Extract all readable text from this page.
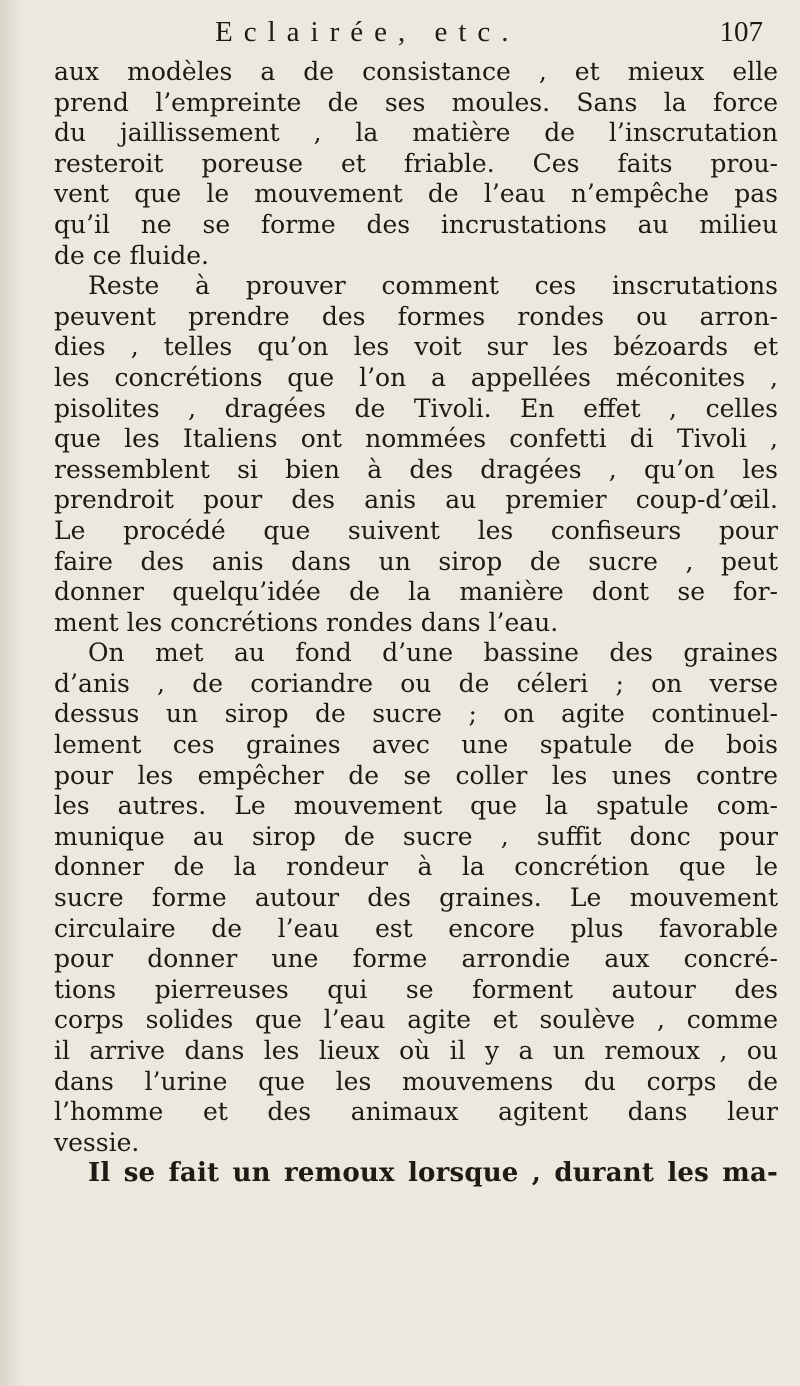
Eclairée, etc.	107
aux modèles a de consistance , et mieux elle
prend l’empreinte de ses moules. Sans la force
du jaillissement , la matière de l’inscrutation
resteroit poreuse et friable. Ces faits prou-
vent que le mouvement de l’eau n’empêche pas
qu’il ne se forme des incrustations au milieu
de ce fluide.
Reste à prouver comment ces inscrutations
peuvent prendre des formes rondes ou arron-
dies , telles qu’on les voit sur les bézoards et
les concrétions que l’on a appellées méconites ,
pisolites , dragées de Tivoli. En effet , celles
que les Italiens ont nommées confetti di Tivoli ,
ressemblent si bien à des dragées , qu’on les
prendroit pour des anis au premier coup-d’œil.
Le procédé que suivent les confiseurs pour
faire des anis dans un sirop de sucre , peut
donner quelqu’idée de la manière dont se for-
ment les concrétions rondes dans l’eau.
On met au fond d’une bassine des graines
d’anis , de coriandre ou de céleri ; on verse
dessus un sirop de sucre ; on agite continuel-
lement ces graines avec une spatule de bois
pour les empêcher de se coller les unes contre
les autres. Le mouvement que la spatule com-
munique au sirop de sucre , suffit donc pour
donner de la rondeur à la concrétion que le
sucre forme autour des graines. Le mouvement
circulaire de l’eau est encore plus favorable
pour donner une forme arrondie aux concré-
tions pierreuses qui se forment autour des
corps solides que l’eau agite et soulève , comme
il arrive dans les lieux où il y a un remoux , ou
dans l’urine que les mouvemens du corps de
l’homme et des animaux agitent dans leur
vessie.
Il se fait un remoux lorsque , durant les ma-
